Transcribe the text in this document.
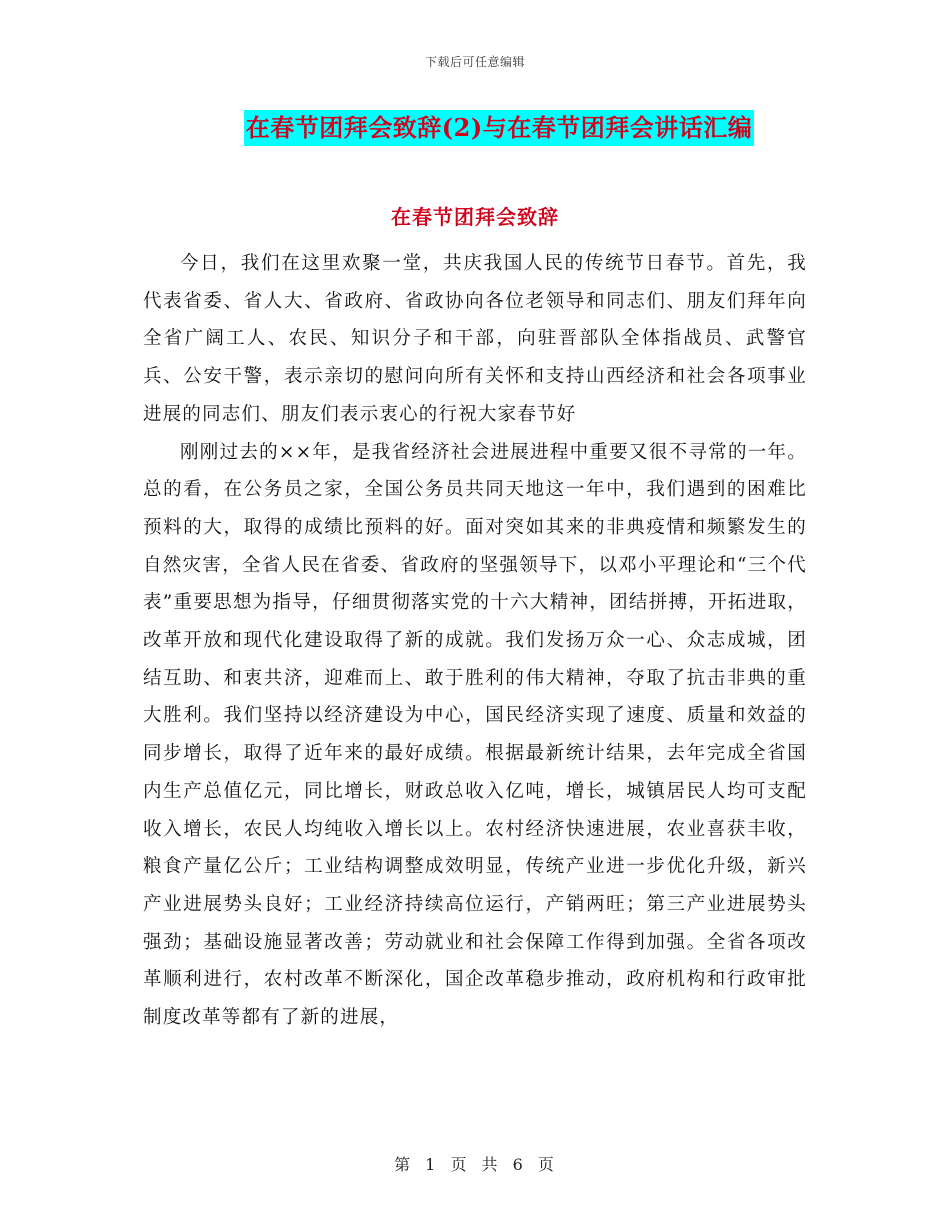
下载后可任意编辑
在春节团拜会致辞(2)与在春节团拜会讲话汇编
在春节团拜会致辞

今日，我们在这里欢聚一堂，共庆我国人民的传统节日春节。首先，我代表省委、省人大、省政府、省政协向各位老领导和同志们、朋友们拜年向全省广阔工人、农民、知识分子和干部，向驻晋部队全体指战员、武警官兵、公安干警，表示亲切的慰问向所有关怀和支持山西经济和社会各项事业进展的同志们、朋友们表示衷心的行祝大家春节好

刚刚过去的××年，是我省经济社会进展进程中重要又很不寻常的一年。总的看，在公务员之家，全国公务员共同天地这一年中，我们遇到的困难比预料的大，取得的成绩比预料的好。面对突如其来的非典疫情和频繁发生的自然灾害，全省人民在省委、省政府的坚强领导下，以邓小平理论和“三个代表”重要思想为指导，仔细贯彻落实党的十六大精神，团结拼搏，开拓进取，改革开放和现代化建设取得了新的成就。我们发扬万众一心、众志成城，团结互助、和衷共济，迎难而上、敢于胜利的伟大精神，夺取了抗击非典的重大胜利。我们坚持以经济建设为中心，国民经济实现了速度、质量和效益的同步增长，取得了近年来的最好成绩。根据最新统计结果，去年完成全省国内生产总值亿元，同比增长，财政总收入亿吨，增长，城镇居民人均可支配收入增长，农民人均纯收入增长以上。农村经济快速进展，农业喜获丰收，粮食产量亿公斤；工业结构调整成效明显，传统产业进一步优化升级，新兴产业进展势头良好；工业经济持续高位运行，产销两旺；第三产业进展势头强劲；基础设施显著改善；劳动就业和社会保障工作得到加强。全省各项改革顺利进行，农村改革不断深化，国企改革稳步推动，政府机构和行政审批制度改革等都有了新的进展，

第 1 页 共 6 页
